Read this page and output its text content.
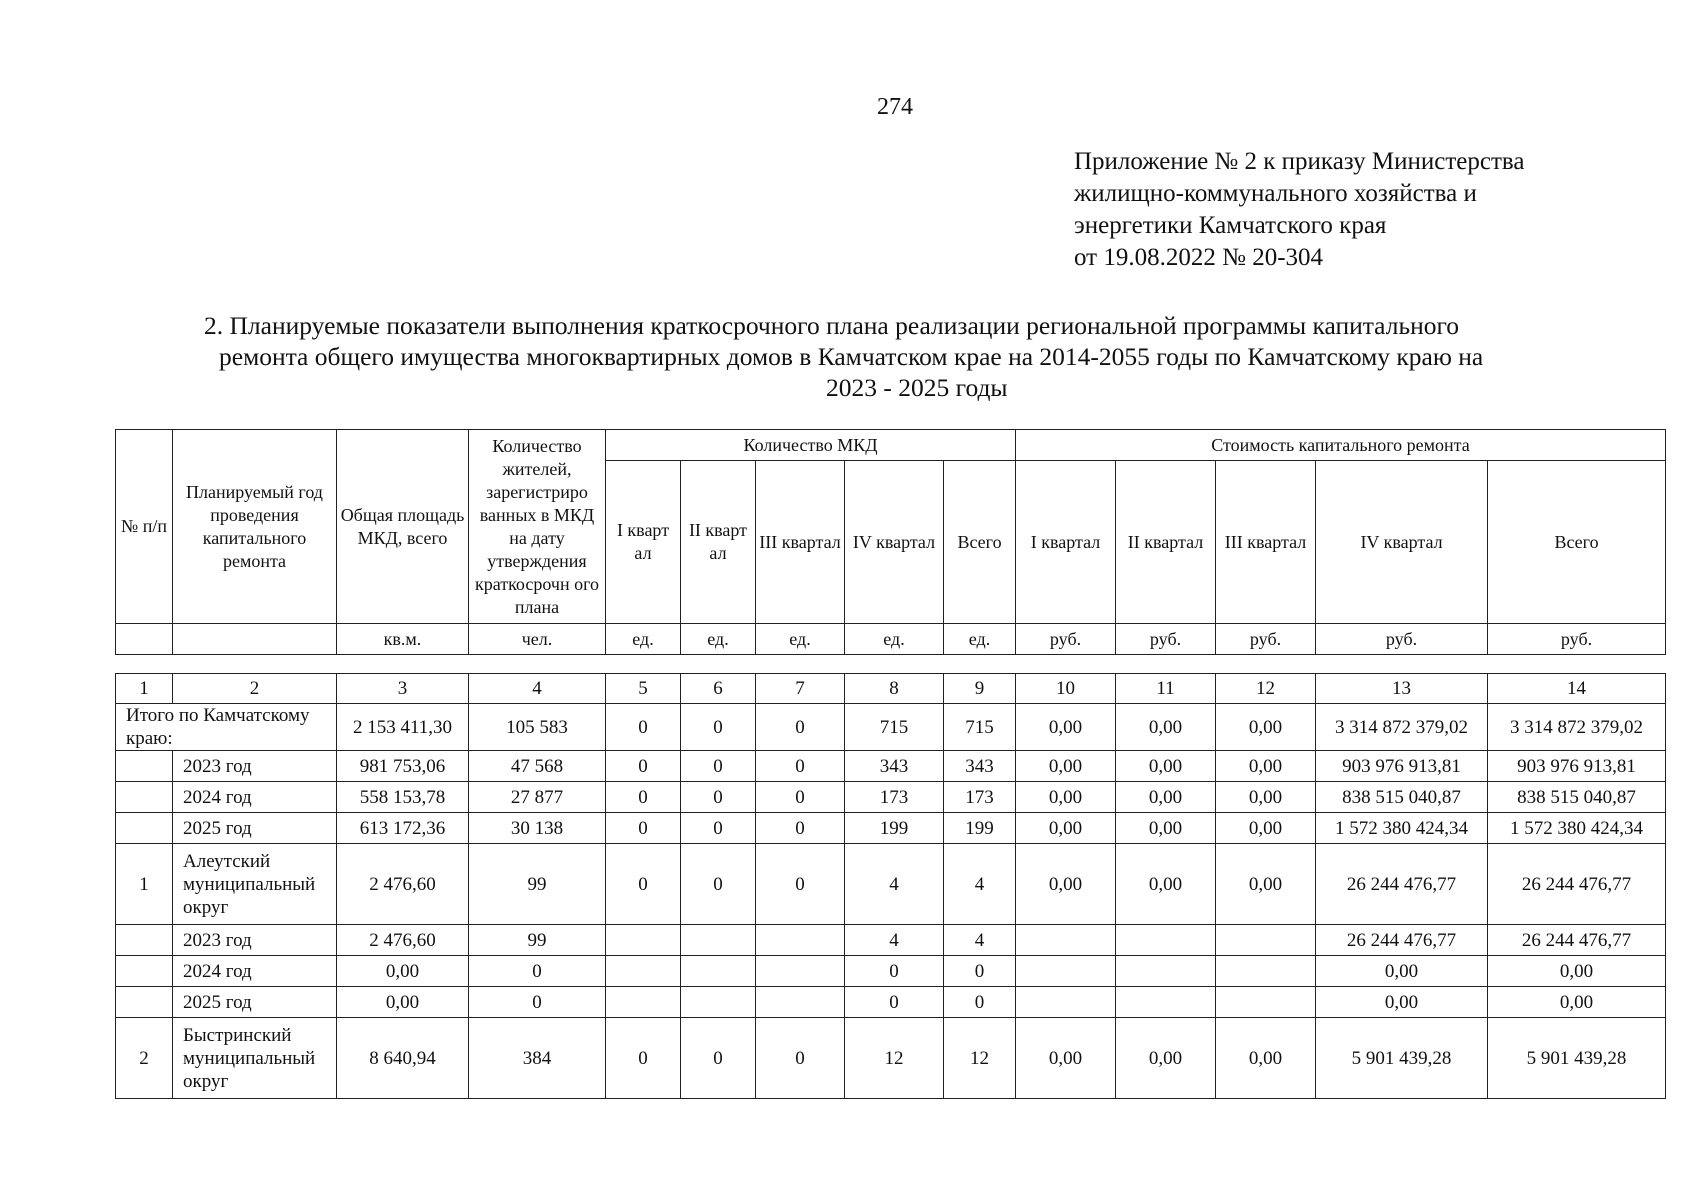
274
Приложение № 2 к приказу Министерства
жилищно-коммунального хозяйства и
энергетики Камчатского края
от 19.08.2022 № 20-304
2. Планируемые показатели выполнения краткосрочного плана реализации региональной программы капитального
ремонта общего имущества многоквартирных домов в Камчатском крае на 2014-2055 годы по Камчатскому краю на
2023 - 2025 годы
№ п/п	Планируемый год проведения капитального ремонта	Общая площадь МКД, всего	Количество жителей, зарегистриро ванных в МКД на дату утверждения краткосрочн ого плана	Количество МКД					Стоимость капитального ремонта				
				I кварт ал	II кварт ал	III квартал	IV квартал	Всего	I квартал	II квартал	III квартал	IV квартал	Всего
		кв.м.	чел.	ед.	ед.	ед.	ед.	ед.	руб.	руб.	руб.	руб.	руб.
1	2	3	4	5	6	7	8	9	10	11	12	13	14
Итого по Камчатскому краю:		2 153 411,30	105 583	0	0	0	715	715	0,00	0,00	0,00	3 314 872 379,02	3 314 872 379,02
	2023 год	981 753,06	47 568	0	0	0	343	343	0,00	0,00	0,00	903 976 913,81	903 976 913,81
	2024 год	558 153,78	27 877	0	0	0	173	173	0,00	0,00	0,00	838 515 040,87	838 515 040,87
	2025 год	613 172,36	30 138	0	0	0	199	199	0,00	0,00	0,00	1 572 380 424,34	1 572 380 424,34
1	Алеутский муниципальный округ	2 476,60	99	0	0	0	4	4	0,00	0,00	0,00	26 244 476,77	26 244 476,77
	2023 год	2 476,60	99				4	4				26 244 476,77	26 244 476,77
	2024 год	0,00	0				0	0				0,00	0,00
	2025 год	0,00	0				0	0				0,00	0,00
2	Быстринский муниципальный округ	8 640,94	384	0	0	0	12	12	0,00	0,00	0,00	5 901 439,28	5 901 439,28
